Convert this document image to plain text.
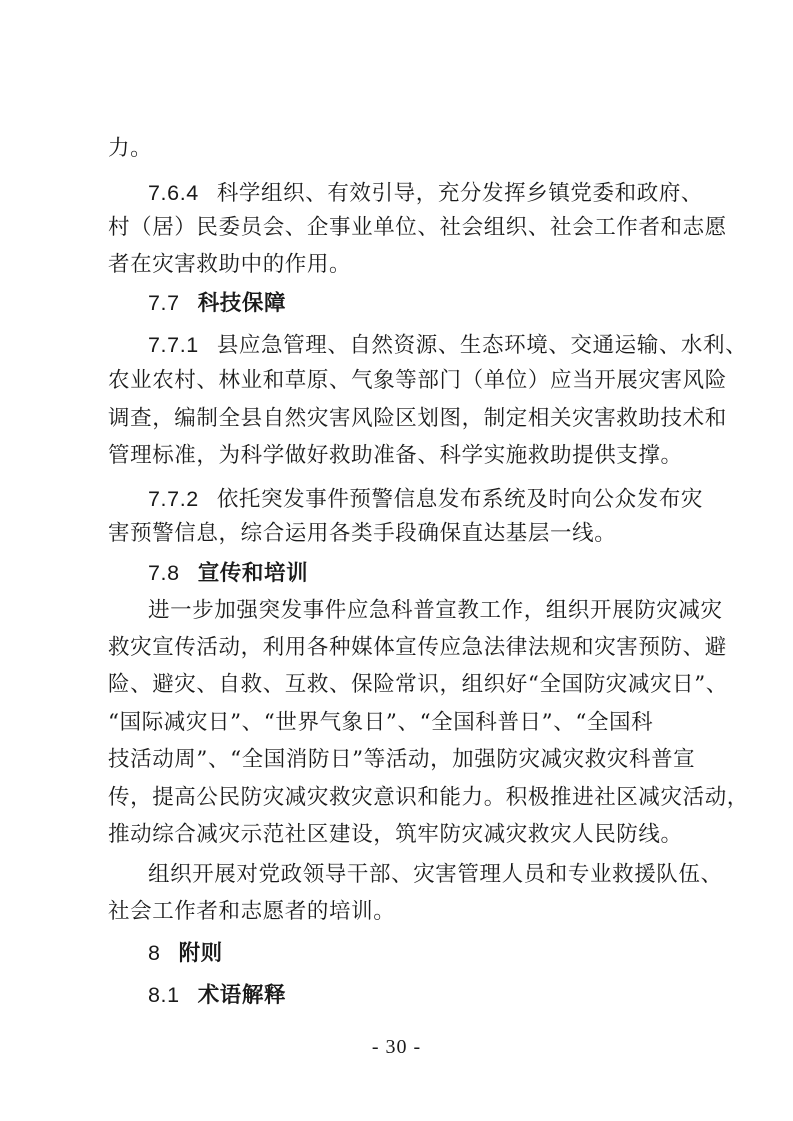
力。
7.6.4 科学组织、有效引导，充分发挥乡镇党委和政府、
村（居）民委员会、企事业单位、社会组织、社会工作者和志愿
者在灾害救助中的作用。
7.7 科技保障
7.7.1 县应急管理、自然资源、生态环境、交通运输、水利、
农业农村、林业和草原、气象等部门（单位）应当开展灾害风险
调查，编制全县自然灾害风险区划图，制定相关灾害救助技术和
管理标准，为科学做好救助准备、科学实施救助提供支撑。
7.7.2 依托突发事件预警信息发布系统及时向公众发布灾
害预警信息，综合运用各类手段确保直达基层一线。
7.8 宣传和培训
进一步加强突发事件应急科普宣教工作，组织开展防灾减灾
救灾宣传活动，利用各种媒体宣传应急法律法规和灾害预防、避
险、避灾、自救、互救、保险常识，组织好“全国防灾减灾日”、
“国际减灾日”、“世界气象日”、“全国科普日”、“全国科
技活动周”、“全国消防日”等活动，加强防灾减灾救灾科普宣
传，提高公民防灾减灾救灾意识和能力。积极推进社区减灾活动，
推动综合减灾示范社区建设，筑牢防灾减灾救灾人民防线。
组织开展对党政领导干部、灾害管理人员和专业救援队伍、
社会工作者和志愿者的培训。
8 附则
8.1 术语解释
- 30 -
